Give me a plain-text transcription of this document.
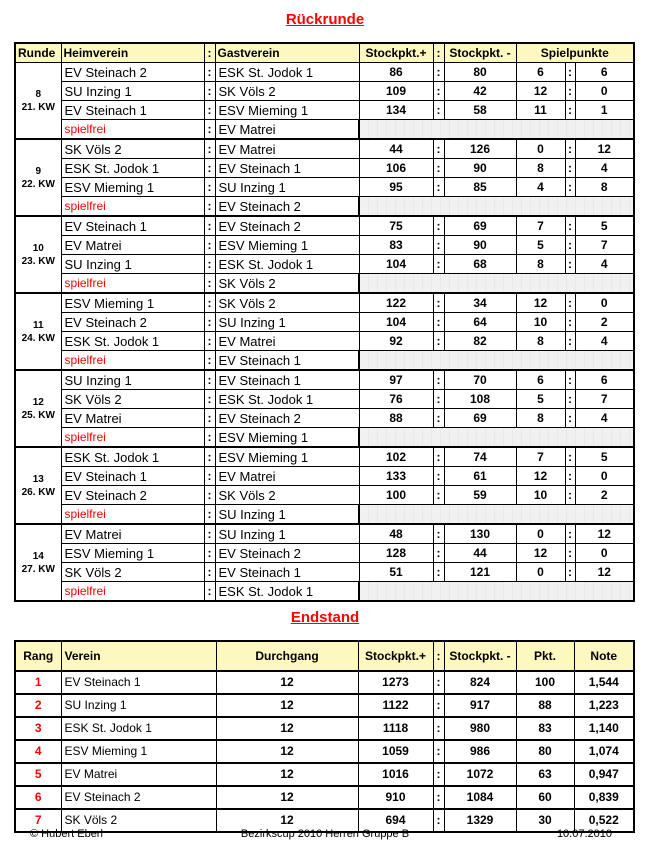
Rückrunde
Runde	Heimverein	:	Gastverein	Stockpkt.+	:	Stockpkt. -	Spielpunkte		

8
21. KW	EV Steinach 2	:	ESK St. Jodok 1	86	:	80	6	:	6
	SU Inzing 1	:	SK Völs 2	109	:	42	12	:	0
	EV Steinach 1	:	ESV Mieming 1	134	:	58	11	:	1
	spielfrei	:	EV Matrei						

9
22. KW	SK Völs 2	:	EV Matrei	44	:	126	0	:	12
	ESK St. Jodok 1	:	EV Steinach 1	106	:	90	8	:	4
	ESV Mieming 1	:	SU Inzing 1	95	:	85	4	:	8
	spielfrei	:	EV Steinach 2						

10
23. KW	EV Steinach 1	:	EV Steinach 2	75	:	69	7	:	5
	EV Matrei	:	ESV Mieming 1	83	:	90	5	:	7
	SU Inzing 1	:	ESK St. Jodok 1	104	:	68	8	:	4
	spielfrei	:	SK Völs 2						

11
24. KW	ESV Mieming 1	:	SK Völs 2	122	:	34	12	:	0
	EV Steinach 2	:	SU Inzing 1	104	:	64	10	:	2
	ESK St. Jodok 1	:	EV Matrei	92	:	82	8	:	4
	spielfrei	:	EV Steinach 1						

12
25. KW	SU Inzing 1	:	EV Steinach 1	97	:	70	6	:	6
	SK Völs 2	:	ESK St. Jodok 1	76	:	108	5	:	7
	EV Matrei	:	EV Steinach 2	88	:	69	8	:	4
	spielfrei	:	ESV Mieming 1						

13
26. KW	ESK St. Jodok 1	:	ESV Mieming 1	102	:	74	7	:	5
	EV Steinach 1	:	EV Matrei	133	:	61	12	:	0
	EV Steinach 2	:	SK Völs 2	100	:	59	10	:	2
	spielfrei	:	SU Inzing 1						

14
27. KW	EV Matrei	:	SU Inzing 1	48	:	130	0	:	12
	ESV Mieming 1	:	EV Steinach 2	128	:	44	12	:	0
	SK Völs 2	:	EV Steinach 1	51	:	121	0	:	12
	spielfrei	:	ESK St. Jodok 1						
Endstand
Rang	Verein	Durchgang	Stockpkt.+	:	Stockpkt. -	Pkt.	Note
1	EV Steinach 1	12	1273	:	824	100	1,544
2	SU Inzing 1	12	1122	:	917	88	1,223
3	ESK St. Jodok 1	12	1118	:	980	83	1,140
4	ESV Mieming 1	12	1059	:	986	80	1,074
5	EV Matrei	12	1016	:	1072	63	0,947
6	EV Steinach 2	12	910	:	1084	60	0,839
7	SK Völs 2	12	694	:	1329	30	0,522
© Hubert Eberl	Bezirkscup 2010 Herren Gruppe B	10.07.2010
